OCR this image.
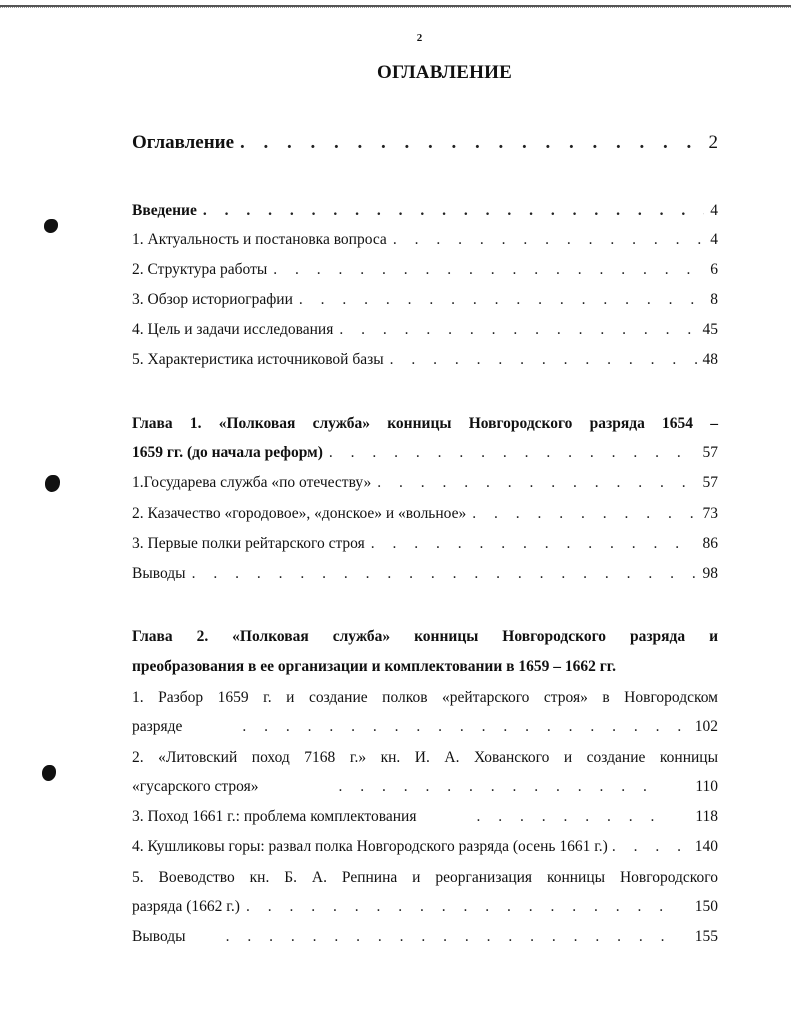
2
ОГЛАВЛЕНИЕ
Оглавление . . .	2
Введение . . .	4
1. Актуальность и постановка вопроса . . .	4
2. Структура работы . . .	6
3. Обзор историографии . . .	8
4. Цель и задачи исследования . . .	45
5. Характеристика источниковой базы . . .	48
Глава 1. «Полковая служба» конницы Новгородского разряда 1654 –
1659 гг. (до начала реформ) . . .	57
1.Государева служба «по отечеству» . . .	57
2. Казачество «городовое», «донское» и «вольное» . . .	73
3. Первые полки рейтарского строя . . .	86
Выводы . . .	98
Глава 2. «Полковая служба» конницы Новгородского разряда и
преобразования в ее организации и комплектовании в 1659 – 1662 гг.
1. Разбор 1659 г. и создание полков «рейтарского строя» в Новгородском
разряде . . .	102
2. «Литовский поход 7168 г.» кн. И. А. Хованского и создание конницы
«гусарского строя» . . .	110
3. Поход 1661 г.: проблема комплектования . . .	118
4. Кушликовы горы: развал полка Новгородского разряда (осень 1661 г.) . . .	140
5. Воеводство кн. Б. А. Репнина и реорганизация конницы Новгородского
разряда (1662 г.) . . .	150
Выводы . . .	155
